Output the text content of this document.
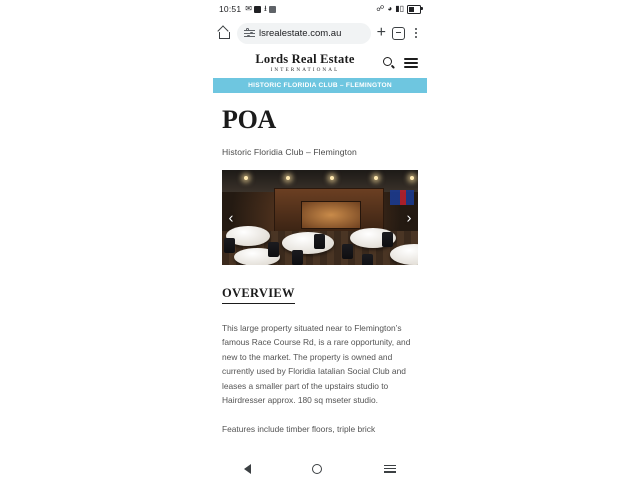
10:51 ✉ ⭳	☍ ◕ ▮▯
lsrealestate.com.au +
Lords Real Estate
INTERNATIONAL
HISTORIC FLORIDIA CLUB – FLEMINGTON
POA
Historic Floridia Club – Flemington
‹	›
OVERVIEW
This large property situated near to Flemington’s famous Race Course Rd, is a rare opportunity, and new to the market. The property is owned and currently used by Floridia Iatalian Social Club and leases a smaller part of the upstairs studio to Hairdresser approx. 180 sq mseter studio.
Features include timber floors, triple brick
